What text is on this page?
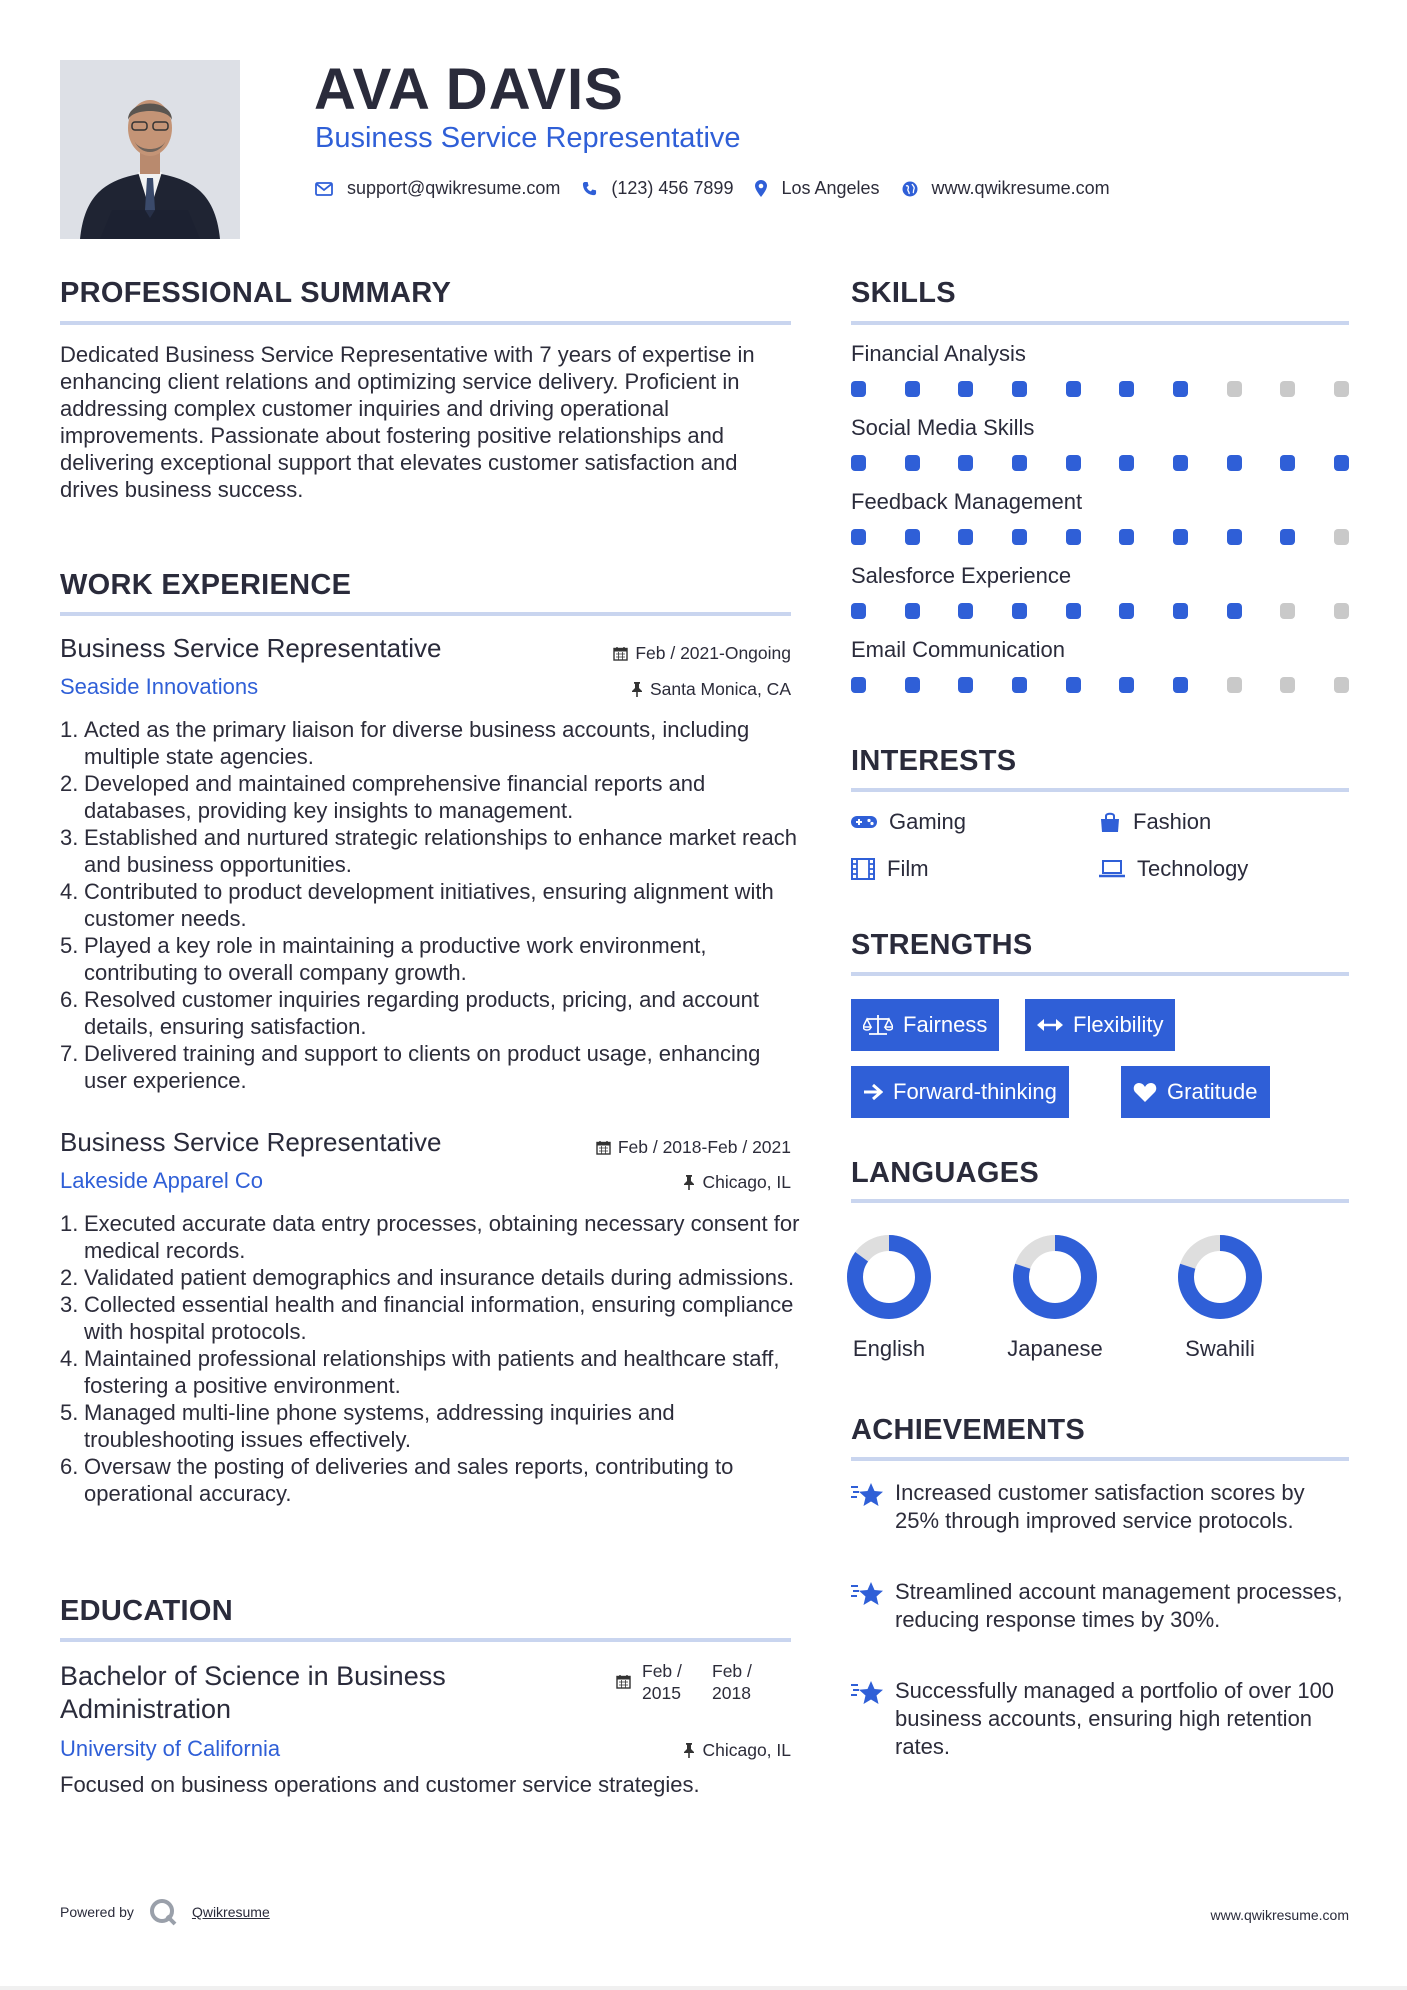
AVA DAVIS
Business Service Representative
support@qwikresume.com	(123) 456 7899	Los Angeles	www.qwikresume.com
PROFESSIONAL SUMMARY
Dedicated Business Service Representative with 7 years of expertise in enhancing client relations and optimizing service delivery. Proficient in addressing complex customer inquiries and driving operational improvements. Passionate about fostering positive relationships and delivering exceptional support that elevates customer satisfaction and drives business success.
WORK EXPERIENCE
Business Service Representative	Feb / 2021-Ongoing
Seaside Innovations	Santa Monica, CA
1. Acted as the primary liaison for diverse business accounts, including multiple state agencies.
2. Developed and maintained comprehensive financial reports and databases, providing key insights to management.
3. Established and nurtured strategic relationships to enhance market reach and business opportunities.
4. Contributed to product development initiatives, ensuring alignment with customer needs.
5. Played a key role in maintaining a productive work environment, contributing to overall company growth.
6. Resolved customer inquiries regarding products, pricing, and account details, ensuring satisfaction.
7. Delivered training and support to clients on product usage, enhancing user experience.
Business Service Representative	Feb / 2018-Feb / 2021
Lakeside Apparel Co	Chicago, IL
1. Executed accurate data entry processes, obtaining necessary consent for medical records.
2. Validated patient demographics and insurance details during admissions.
3. Collected essential health and financial information, ensuring compliance with hospital protocols.
4. Maintained professional relationships with patients and healthcare staff, fostering a positive environment.
5. Managed multi-line phone systems, addressing inquiries and troubleshooting issues effectively.
6. Oversaw the posting of deliveries and sales reports, contributing to operational accuracy.
EDUCATION
Bachelor of Science in Business Administration
Feb / 2015
Feb / 2018
University of California	Chicago, IL
Focused on business operations and customer service strategies.
SKILLS
Financial Analysis
Social Media Skills
Feedback Management
Salesforce Experience
Email Communication
INTERESTS
Gaming	Fashion
Film	Technology
STRENGTHS
Fairness	Flexibility
Forward-thinking	Gratitude
LANGUAGES
English	Japanese	Swahili
ACHIEVEMENTS
Increased customer satisfaction scores by 25% through improved service protocols.
Streamlined account management processes, reducing response times by 30%.
Successfully managed a portfolio of over 100 business accounts, ensuring high retention rates.
Powered by	Qwikresume	www.qwikresume.com
